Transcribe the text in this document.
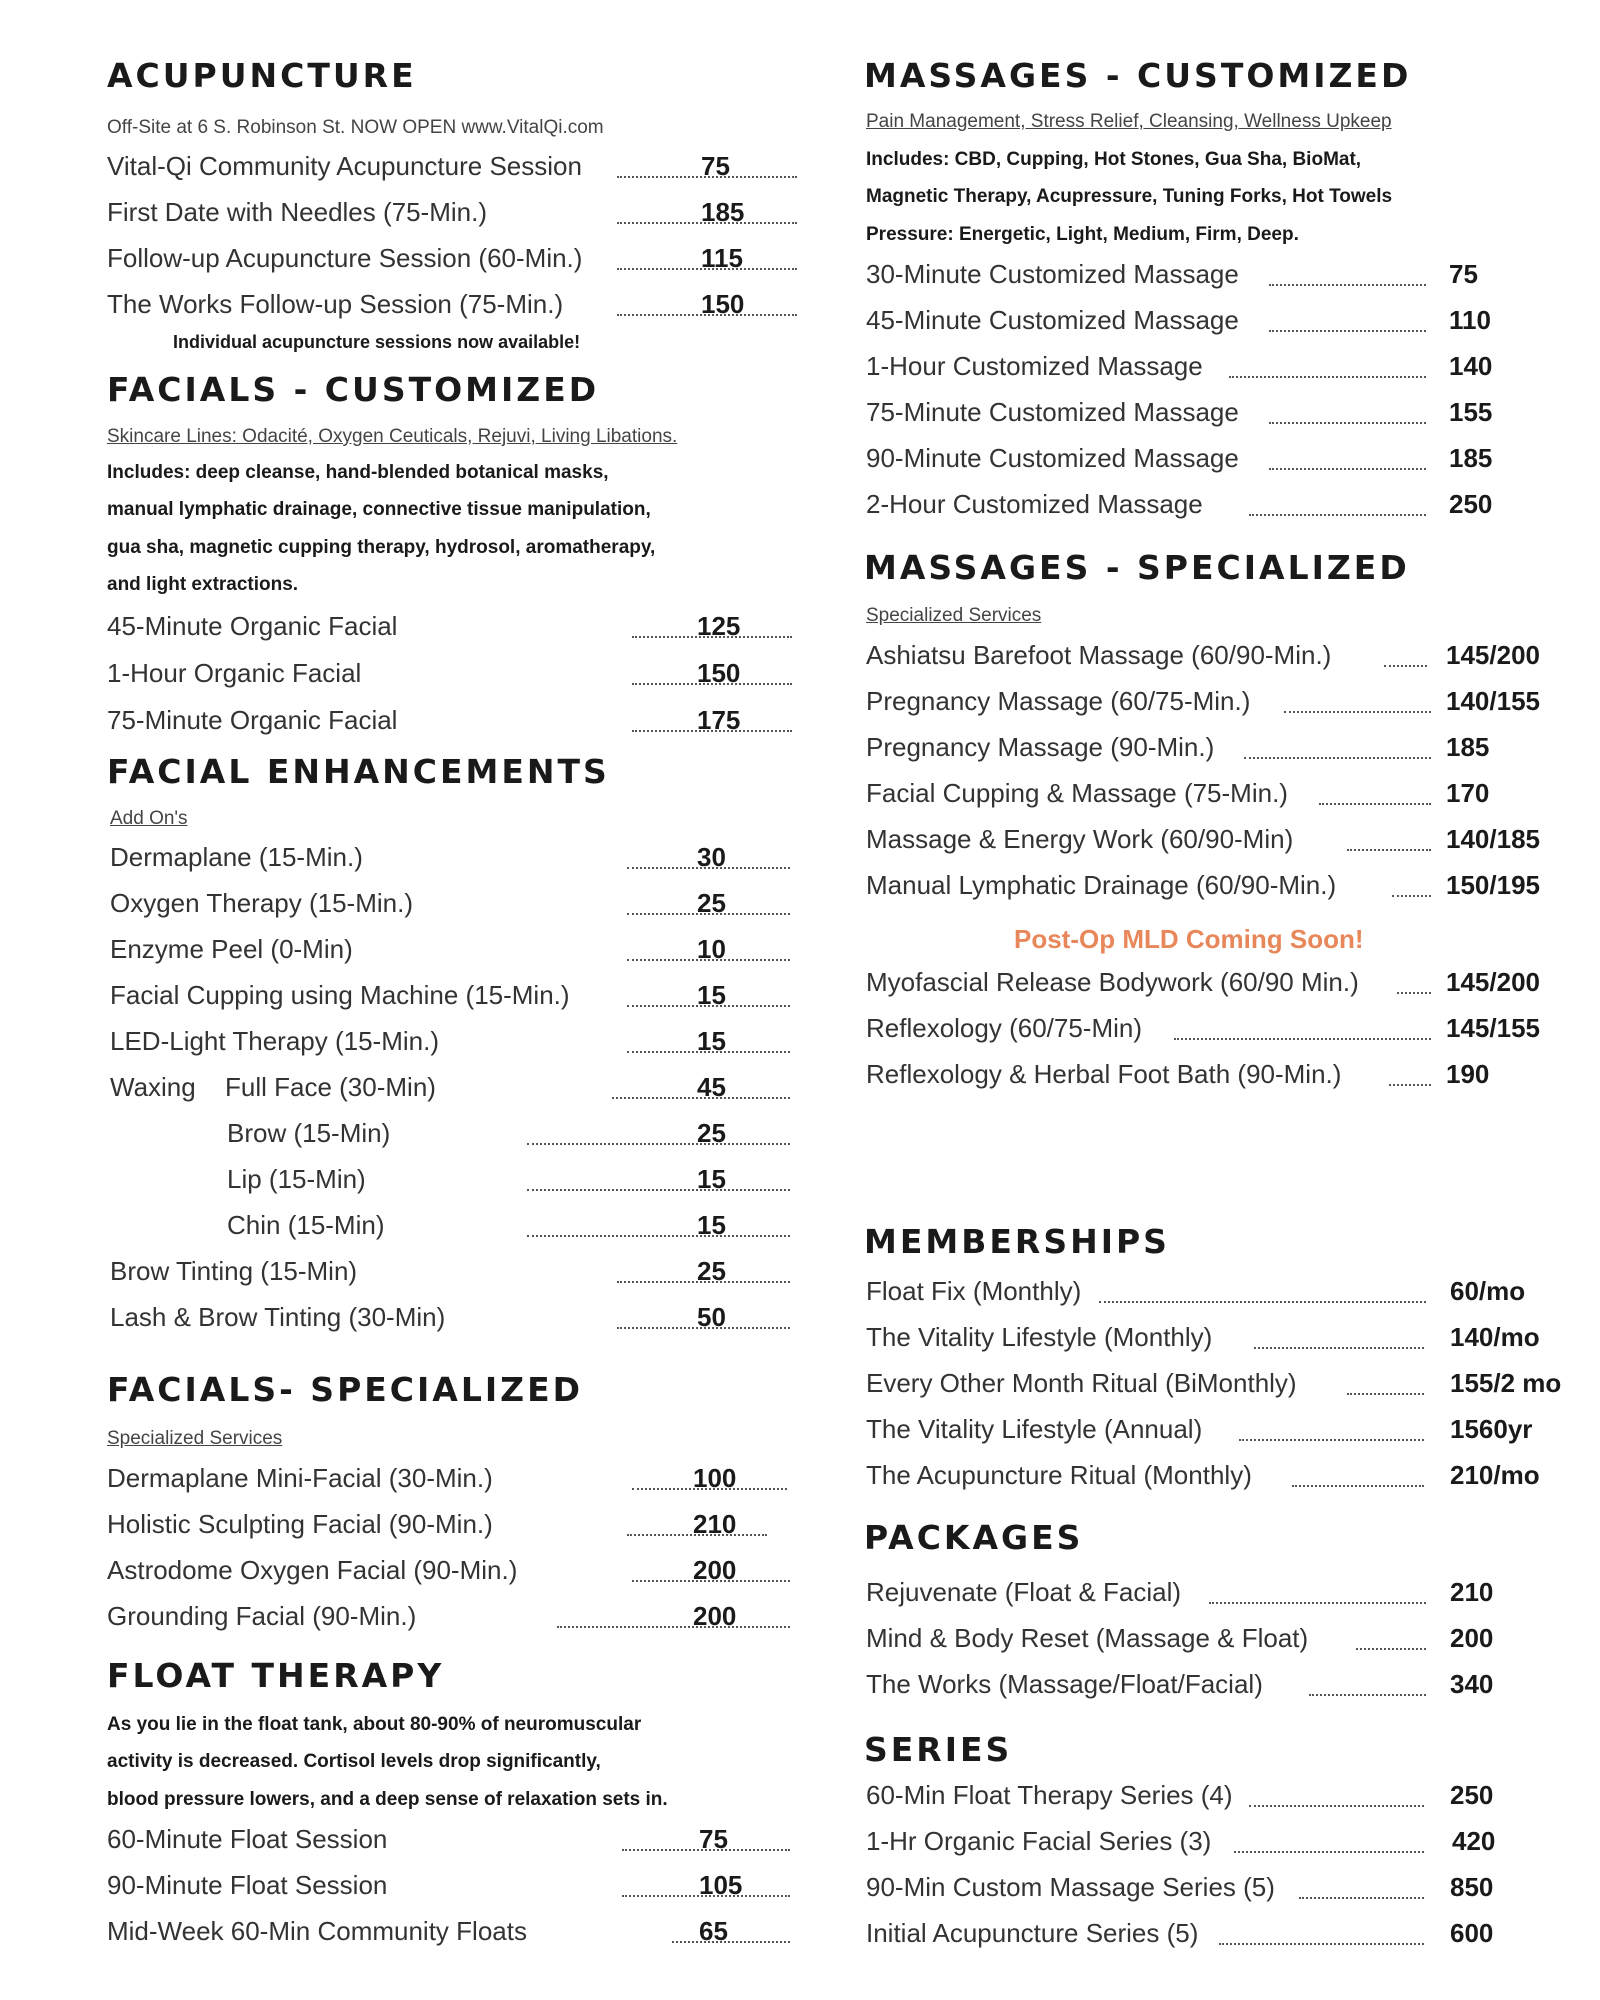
ACUPUNCTURE
Off-Site at 6 S. Robinson St. NOW OPEN www.VitalQi.com
Vital-Qi Community Acupuncture Session	75
First Date with Needles (75-Min.)	185
Follow-up Acupuncture Session (60-Min.)	115
The Works Follow-up Session (75-Min.)	150
Individual acupuncture sessions now available!
FACIALS - CUSTOMIZED
Skincare Lines: Odacité, Oxygen Ceuticals, Rejuvi, Living Libations.
Includes: deep cleanse, hand-blended botanical masks,
manual lymphatic drainage, connective tissue manipulation,
gua sha, magnetic cupping therapy, hydrosol, aromatherapy,
and light extractions.
45-Minute Organic Facial	125
1-Hour Organic Facial	150
75-Minute Organic Facial	175
FACIAL ENHANCEMENTS
Add On's
Dermaplane (15-Min.)	30
Oxygen Therapy (15-Min.)	25
Enzyme Peel (0-Min)	10
Facial Cupping using Machine (15-Min.)	15
LED-Light Therapy (15-Min.)	15
Waxing Full Face (30-Min)	45
Brow (15-Min)	25
Lip (15-Min)	15
Chin (15-Min)	15
Brow Tinting (15-Min)	25
Lash & Brow Tinting (30-Min)	50
FACIALS- SPECIALIZED
Specialized Services
Dermaplane Mini-Facial (30-Min.)	100
Holistic Sculpting Facial (90-Min.)	210
Astrodome Oxygen Facial (90-Min.)	200
Grounding Facial (90-Min.)	200
FLOAT THERAPY
As you lie in the float tank, about 80-90% of neuromuscular
activity is decreased. Cortisol levels drop significantly,
blood pressure lowers, and a deep sense of relaxation sets in.
60-Minute Float Session	75
90-Minute Float Session	105
Mid-Week 60-Min Community Floats	65
MASSAGES - CUSTOMIZED
Pain Management, Stress Relief, Cleansing, Wellness Upkeep
Includes: CBD, Cupping, Hot Stones, Gua Sha, BioMat,
Magnetic Therapy, Acupressure, Tuning Forks, Hot Towels
Pressure: Energetic, Light, Medium, Firm, Deep.
30-Minute Customized Massage	75
45-Minute Customized Massage	110
1-Hour Customized Massage	140
75-Minute Customized Massage	155
90-Minute Customized Massage	185
2-Hour Customized Massage	250
MASSAGES - SPECIALIZED
Specialized Services
Ashiatsu Barefoot Massage (60/90-Min.)	145/200
Pregnancy Massage (60/75-Min.)	140/155
Pregnancy Massage (90-Min.)	185
Facial Cupping & Massage (75-Min.)	170
Massage & Energy Work (60/90-Min)	140/185
Manual Lymphatic Drainage (60/90-Min.)	150/195
Post-Op MLD Coming Soon!
Myofascial Release Bodywork (60/90 Min.)	145/200
Reflexology (60/75-Min)	145/155
Reflexology & Herbal Foot Bath (90-Min.)	190
MEMBERSHIPS
Float Fix (Monthly)	60/mo
The Vitality Lifestyle (Monthly)	140/mo
Every Other Month Ritual (BiMonthly)	155/2 mo
The Vitality Lifestyle (Annual)	1560yr
The Acupuncture Ritual (Monthly)	210/mo
PACKAGES
Rejuvenate (Float & Facial)	210
Mind & Body Reset (Massage & Float)	200
The Works (Massage/Float/Facial)	340
SERIES
60-Min Float Therapy Series (4)	250
1-Hr Organic Facial Series (3)	420
90-Min Custom Massage Series (5)	850
Initial Acupuncture Series (5)	600
